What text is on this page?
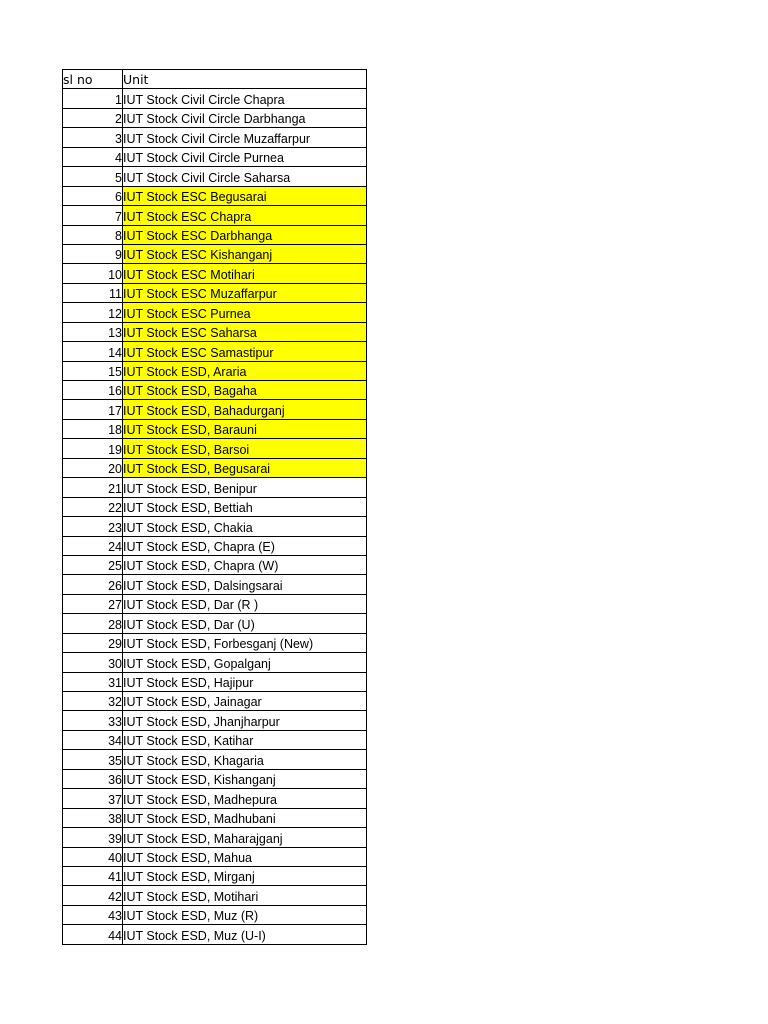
sl no	Unit
1	IUT Stock Civil Circle Chapra
2	IUT Stock Civil Circle Darbhanga
3	IUT Stock Civil Circle Muzaffarpur
4	IUT Stock Civil Circle Purnea
5	IUT Stock Civil Circle Saharsa
6	IUT Stock ESC Begusarai
7	IUT Stock ESC Chapra
8	IUT Stock ESC Darbhanga
9	IUT Stock ESC Kishanganj
10	IUT Stock ESC Motihari
11	IUT Stock ESC Muzaffarpur
12	IUT Stock ESC Purnea
13	IUT Stock ESC Saharsa
14	IUT Stock ESC Samastipur
15	IUT Stock ESD, Araria
16	IUT Stock ESD, Bagaha
17	IUT Stock ESD, Bahadurganj
18	IUT Stock ESD, Barauni
19	IUT Stock ESD, Barsoi
20	IUT Stock ESD, Begusarai
21	IUT Stock ESD, Benipur
22	IUT Stock ESD, Bettiah
23	IUT Stock ESD, Chakia
24	IUT Stock ESD, Chapra (E)
25	IUT Stock ESD, Chapra (W)
26	IUT Stock ESD, Dalsingsarai
27	IUT Stock ESD, Dar (R )
28	IUT Stock ESD, Dar (U)
29	IUT Stock ESD, Forbesganj (New)
30	IUT Stock ESD, Gopalganj
31	IUT Stock ESD, Hajipur
32	IUT Stock ESD, Jainagar
33	IUT Stock ESD, Jhanjharpur
34	IUT Stock ESD, Katihar
35	IUT Stock ESD, Khagaria
36	IUT Stock ESD, Kishanganj
37	IUT Stock ESD, Madhepura
38	IUT Stock ESD, Madhubani
39	IUT Stock ESD, Maharajganj
40	IUT Stock ESD, Mahua
41	IUT Stock ESD, Mirganj
42	IUT Stock ESD, Motihari
43	IUT Stock ESD, Muz (R)
44	IUT Stock ESD, Muz (U-I)
